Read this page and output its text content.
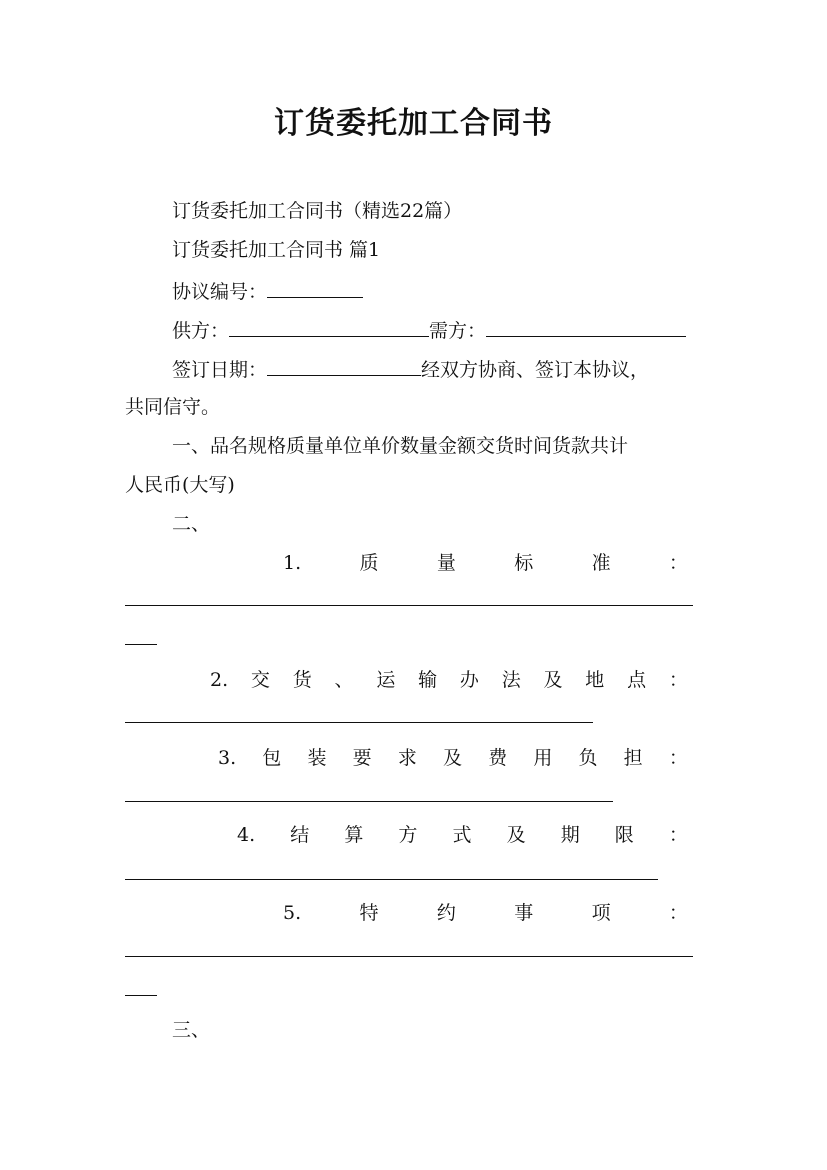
订货委托加工合同书
订货委托加工合同书（精选22篇）
订货委托加工合同书 篇1
协议编号：
供方：	需方：
签订日期：	经双方协商、签订本协议，
共同信守。
一、品名规格质量单位单价数量金额交货时间货款共计
人民币(大写)
二、
1.	质	量	标	准	：
2. 交 货 、 运 输 办 法 及 地 点 ：
3. 包 装 要 求 及 费 用 负 担 ：
4. 结 算 方 式 及 期 限 ：
5.	特	约	事	项	：
三、
